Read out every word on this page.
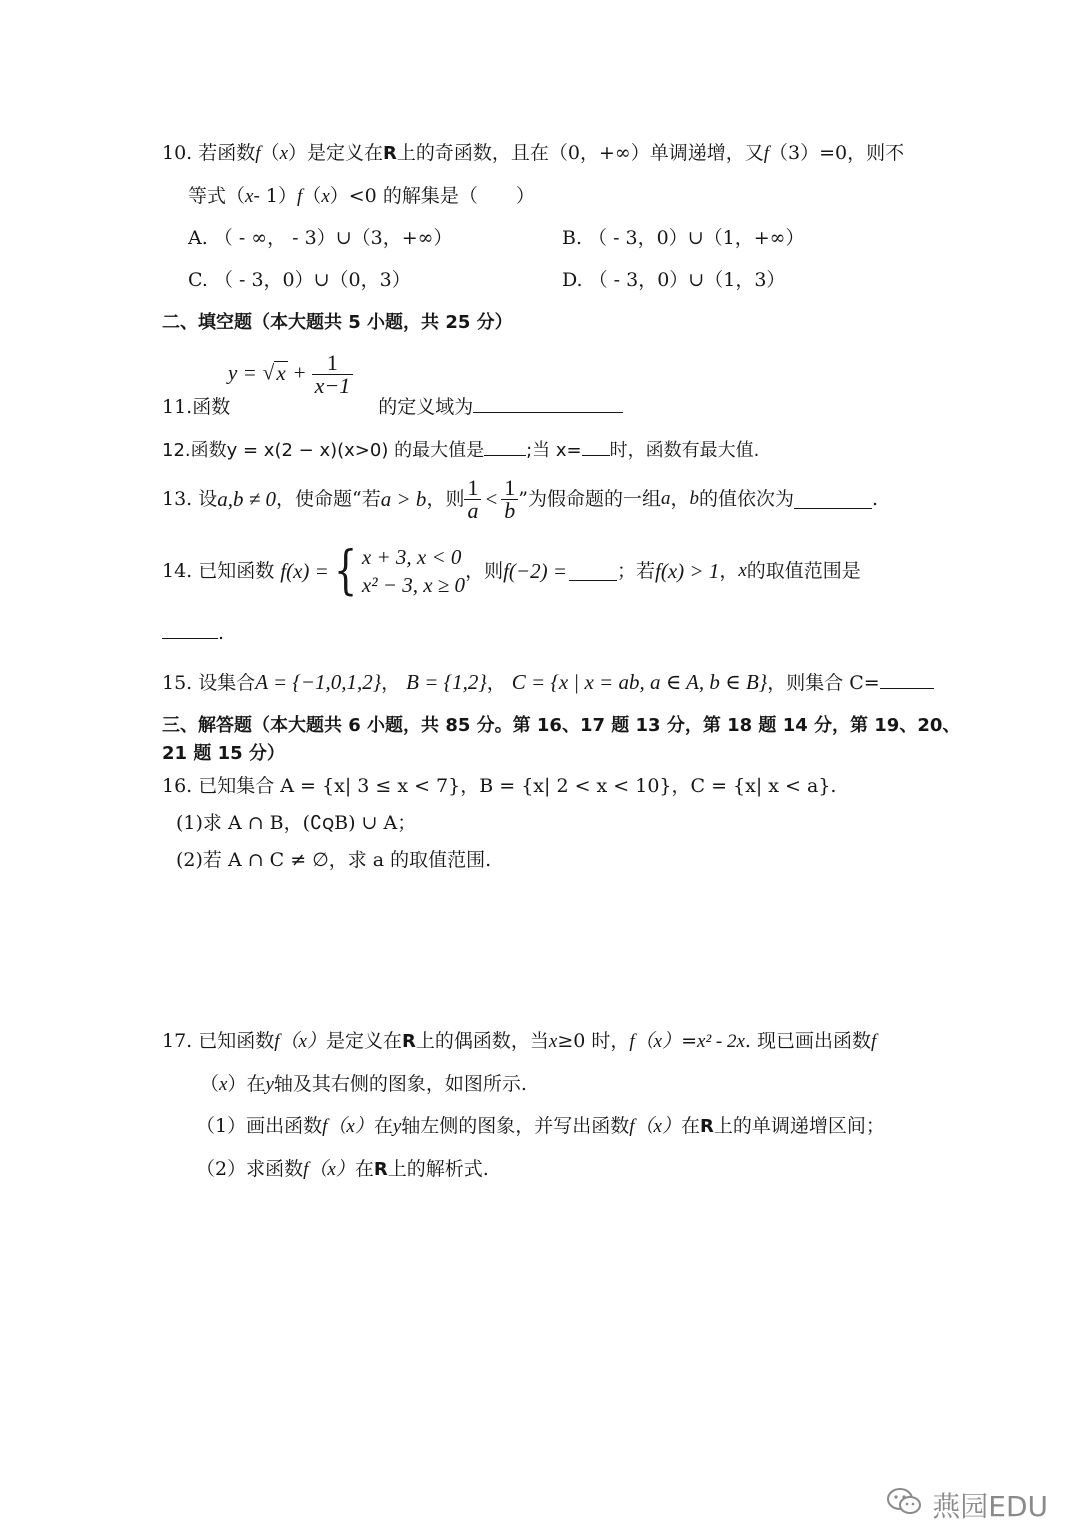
10. 若函数f（x）是定义在R上的奇函数，且在（0，+∞）单调递增，又f（3）=0，则不
等式（x- 1）f（x）<0 的解集是（　　）
A. （ - ∞， - 3）∪（3，+∞）	B. （ - 3，0）∪（1，+∞）
C. （ - 3，0）∪（0，3）	D. （ - 3，0）∪（1，3）
二、填空题（本大题共 5 小题，共 25 分）
$y = √x + \frac{1}{x-1}$
11.函数	的定义域为
12.函数y = x(2 − x)(x>0) 的最大值是 ;当 x= 时，函数有最大值.
13. 设 a,b ≠ 0 ，使命题“若 a > b ，则 $\frac{1}{a} < \frac{1}{b}$ ”为假命题的一组 a ， b 的值依次为	.
14. 已知函数 f(x) = { x + 3, x < 0
x² − 3, x ≥ 0
，则 f(−2) =	；若 f(x) > 1 ， x 的取值范围是
.
15. 设集合A = {−1,0,1,2}， B = {1,2}， C = {x | x = ab, a ∈ A, b ∈ B}，则集合 C=
三、解答题（本大题共 6 小题，共 85 分。第 16、17 题 13 分，第 18 题 14 分，第 19、20、
21 题 15 分）
16. 已知集合 A = {x| 3 ≤ x < 7}，B = {x| 2 < x < 10}，C = {x| x < a}.
(1)求 A ∩ B，(∁ꞯB) ∪ A；
(2)若 A ∩ C ≠ ∅，求 a 的取值范围.
17. 已知函数f（x）是定义在R上的偶函数，当x≥0 时，f（x）=x² - 2x. 现已画出函数f
（x）在y轴及其右侧的图象，如图所示.
（1）画出函数f（x）在y轴左侧的图象，并写出函数f（x）在R上的单调递增区间；
（2）求函数f（x）在R上的解析式.
燕园EDU
